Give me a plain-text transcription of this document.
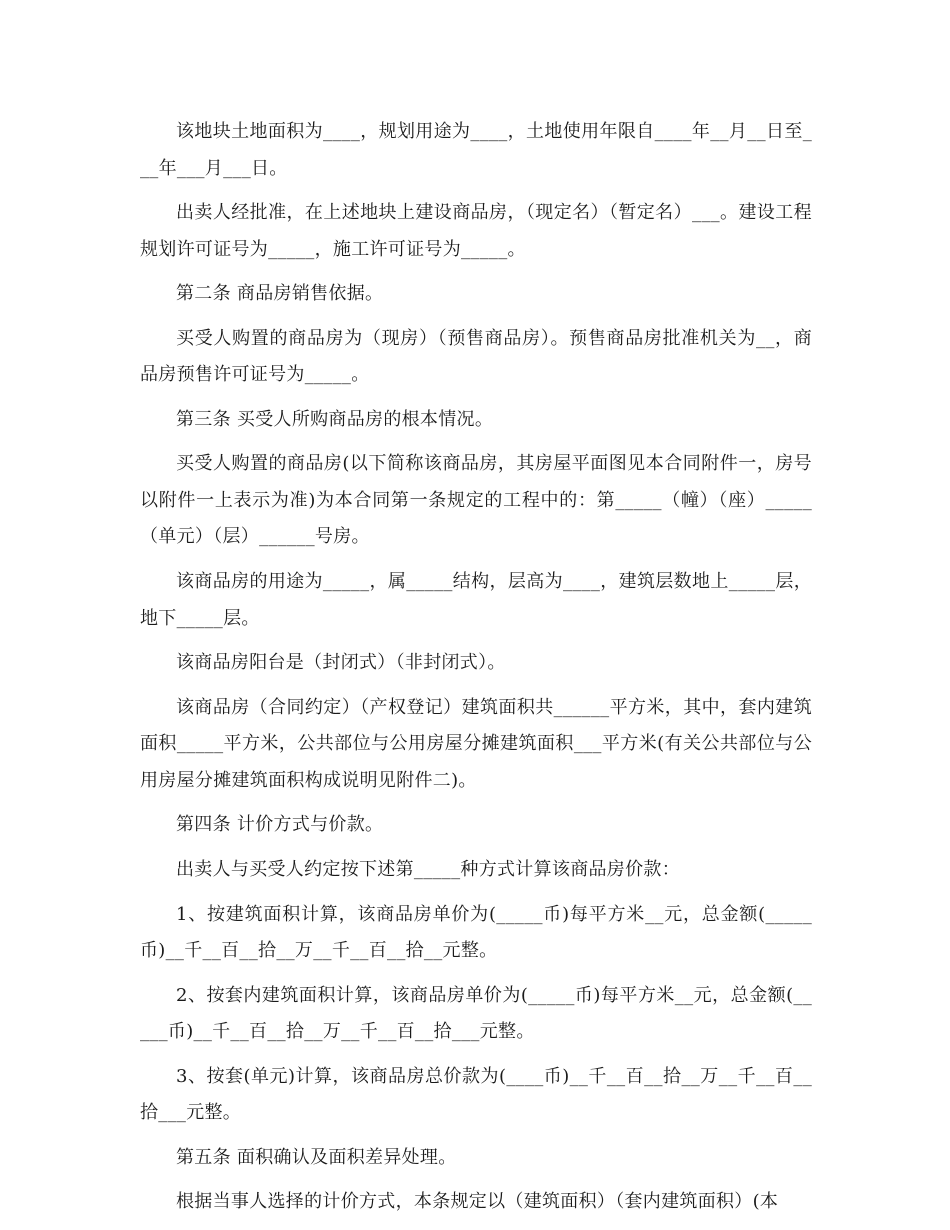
该地块土地面积为____，规划用途为____，土地使用年限自____年__月__日至___年___月___日。

出卖人经批准，在上述地块上建设商品房，（现定名）（暂定名）___。建设工程规划许可证号为_____，施工许可证号为_____。

第二条 商品房销售依据。

买受人购置的商品房为（现房）（预售商品房）。预售商品房批准机关为__，商品房预售许可证号为_____。

第三条 买受人所购商品房的根本情况。

买受人购置的商品房(以下简称该商品房，其房屋平面图见本合同附件一，房号以附件一上表示为准)为本合同第一条规定的工程中的：第_____（幢）（座）_____（单元）（层）______号房。

该商品房的用途为_____，属_____结构，层高为____，建筑层数地上_____层，地下_____层。

该商品房阳台是（封闭式）（非封闭式）。

该商品房（合同约定）（产权登记）建筑面积共______平方米，其中，套内建筑面积_____平方米，公共部位与公用房屋分摊建筑面积___平方米(有关公共部位与公用房屋分摊建筑面积构成说明见附件二)。

第四条 计价方式与价款。

出卖人与买受人约定按下述第_____种方式计算该商品房价款：

1、按建筑面积计算，该商品房单价为(_____币)每平方米__元，总金额(_____币)__千__百__拾__万__千__百__拾__元整。

2、按套内建筑面积计算，该商品房单价为(_____币)每平方米__元，总金额(_____币)__千__百__拾__万__千__百__拾___元整。

3、按套(单元)计算，该商品房总价款为(____币)__千__百__拾__万__千__百__拾___元整。

第五条 面积确认及面积差异处理。

根据当事人选择的计价方式，本条规定以（建筑面积）（套内建筑面积）(本
